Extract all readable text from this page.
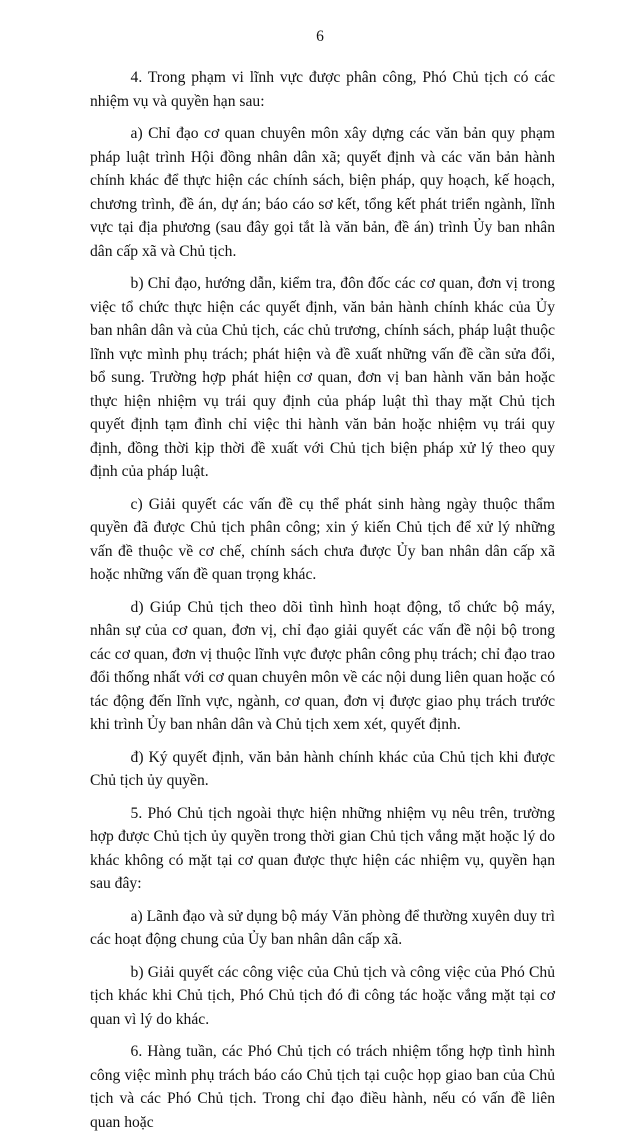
6

4. Trong phạm vi lĩnh vực được phân công, Phó Chủ tịch có các nhiệm vụ và quyền hạn sau:

a) Chỉ đạo cơ quan chuyên môn xây dựng các văn bản quy phạm pháp luật trình Hội đồng nhân dân xã; quyết định và các văn bản hành chính khác để thực hiện các chính sách, biện pháp, quy hoạch, kế hoạch, chương trình, đề án, dự án; báo cáo sơ kết, tổng kết phát triển ngành, lĩnh vực tại địa phương (sau đây gọi tắt là văn bản, đề án) trình Ủy ban nhân dân cấp xã và Chủ tịch.

b) Chỉ đạo, hướng dẫn, kiểm tra, đôn đốc các cơ quan, đơn vị trong việc tổ chức thực hiện các quyết định, văn bản hành chính khác của Ủy ban nhân dân và của Chủ tịch, các chủ trương, chính sách, pháp luật thuộc lĩnh vực mình phụ trách; phát hiện và đề xuất những vấn đề cần sửa đổi, bổ sung. Trường hợp phát hiện cơ quan, đơn vị ban hành văn bản hoặc thực hiện nhiệm vụ trái quy định của pháp luật thì thay mặt Chủ tịch quyết định tạm đình chỉ việc thi hành văn bản hoặc nhiệm vụ trái quy định, đồng thời kịp thời đề xuất với Chủ tịch biện pháp xử lý theo quy định của pháp luật.

c) Giải quyết các vấn đề cụ thể phát sinh hàng ngày thuộc thẩm quyền đã được Chủ tịch phân công; xin ý kiến Chủ tịch để xử lý những vấn đề thuộc về cơ chế, chính sách chưa được Ủy ban nhân dân cấp xã hoặc những vấn đề quan trọng khác.

d) Giúp Chủ tịch theo dõi tình hình hoạt động, tổ chức bộ máy, nhân sự của cơ quan, đơn vị, chỉ đạo giải quyết các vấn đề nội bộ trong các cơ quan, đơn vị thuộc lĩnh vực được phân công phụ trách; chỉ đạo trao đổi thống nhất với cơ quan chuyên môn về các nội dung liên quan hoặc có tác động đến lĩnh vực, ngành, cơ quan, đơn vị được giao phụ trách trước khi trình Ủy ban nhân dân và Chủ tịch xem xét, quyết định.

đ) Ký quyết định, văn bản hành chính khác của Chủ tịch khi được Chủ tịch ủy quyền.

5. Phó Chủ tịch ngoài thực hiện những nhiệm vụ nêu trên, trường hợp được Chủ tịch ủy quyền trong thời gian Chủ tịch vắng mặt hoặc lý do khác không có mặt tại cơ quan được thực hiện các nhiệm vụ, quyền hạn sau đây:

a) Lãnh đạo và sử dụng bộ máy Văn phòng để thường xuyên duy trì các hoạt động chung của Ủy ban nhân dân cấp xã.

b) Giải quyết các công việc của Chủ tịch và công việc của Phó Chủ tịch khác khi Chủ tịch, Phó Chủ tịch đó đi công tác hoặc vắng mặt tại cơ quan vì lý do khác.

6. Hàng tuần, các Phó Chủ tịch có trách nhiệm tổng hợp tình hình công việc mình phụ trách báo cáo Chủ tịch tại cuộc họp giao ban của Chủ tịch và các Phó Chủ tịch. Trong chỉ đạo điều hành, nếu có vấn đề liên quan hoặc
